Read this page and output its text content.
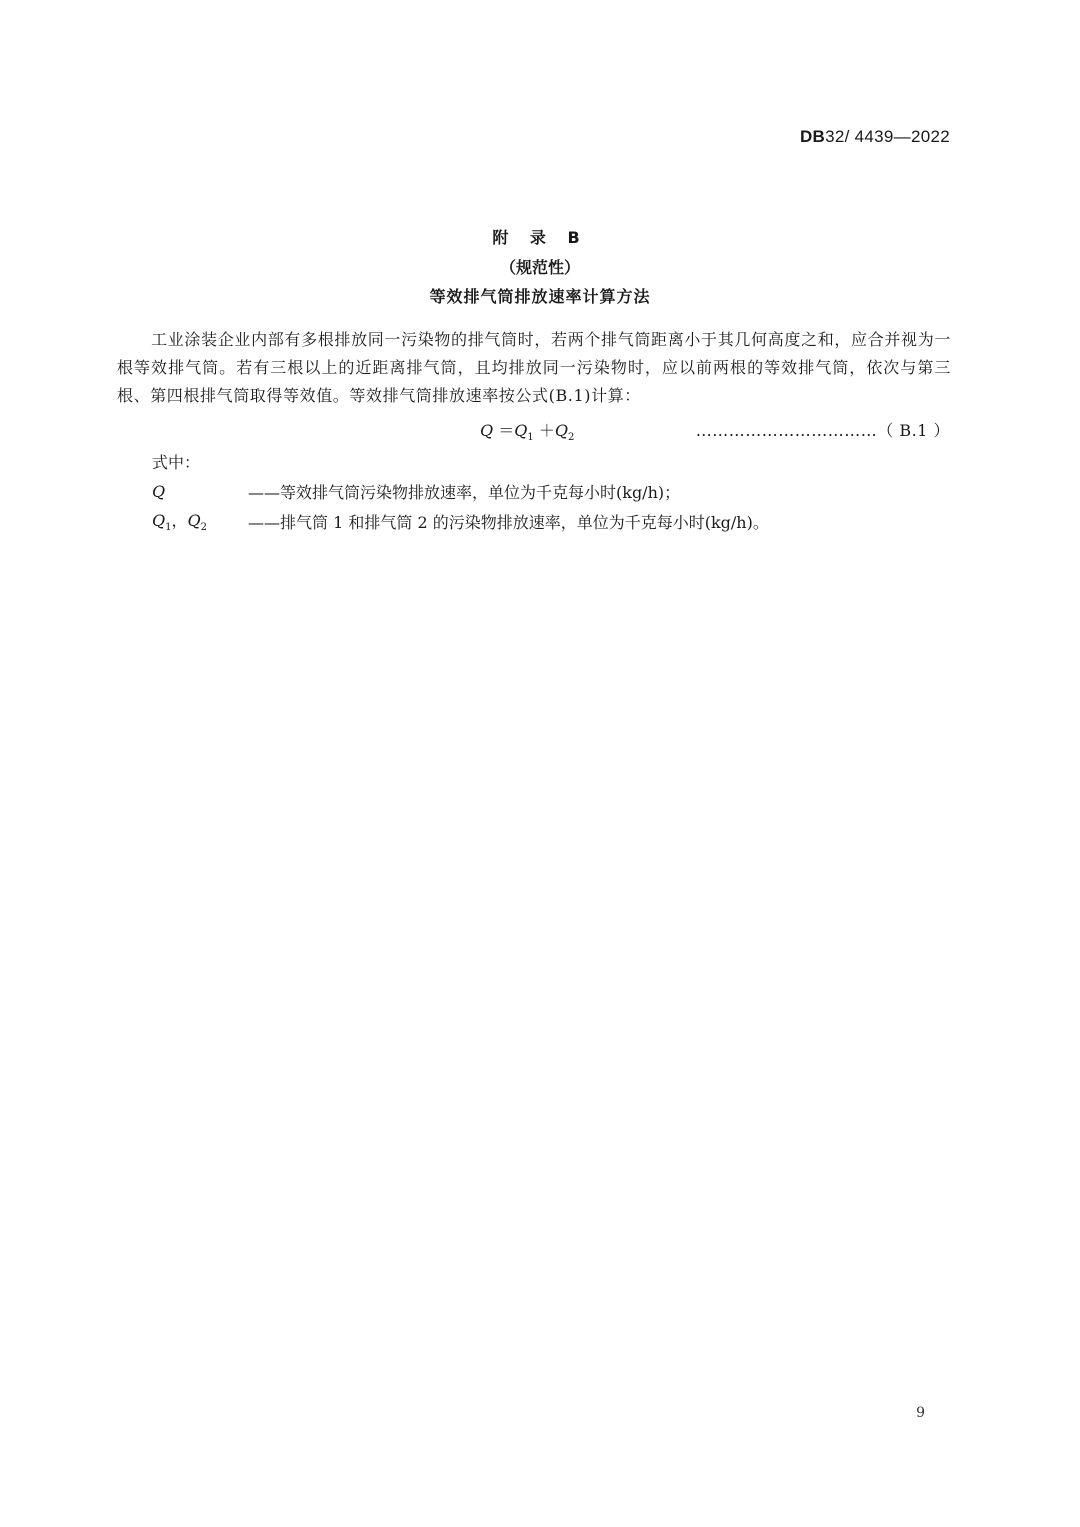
DB32/ 4439—2022
附 录 B
（规范性）
等效排气筒排放速率计算方法
工业涂装企业内部有多根排放同一污染物的排气筒时，若两个排气筒距离小于其几何高度之和，应合并视为一根等效排气筒。若有三根以上的近距离排气筒，且均排放同一污染物时，应以前两根的等效排气筒，依次与第三根、第四根排气筒取得等效值。等效排气筒排放速率按公式(B.1)计算：
$Q =Q_1 +Q_2$	……………………………（ B.1 ）
式中：
Q	——等效排气筒污染物排放速率，单位为千克每小时(kg/h)；
$Q_1$，$Q_2$	——排气筒 1 和排气筒 2 的污染物排放速率，单位为千克每小时(kg/h)。
9
